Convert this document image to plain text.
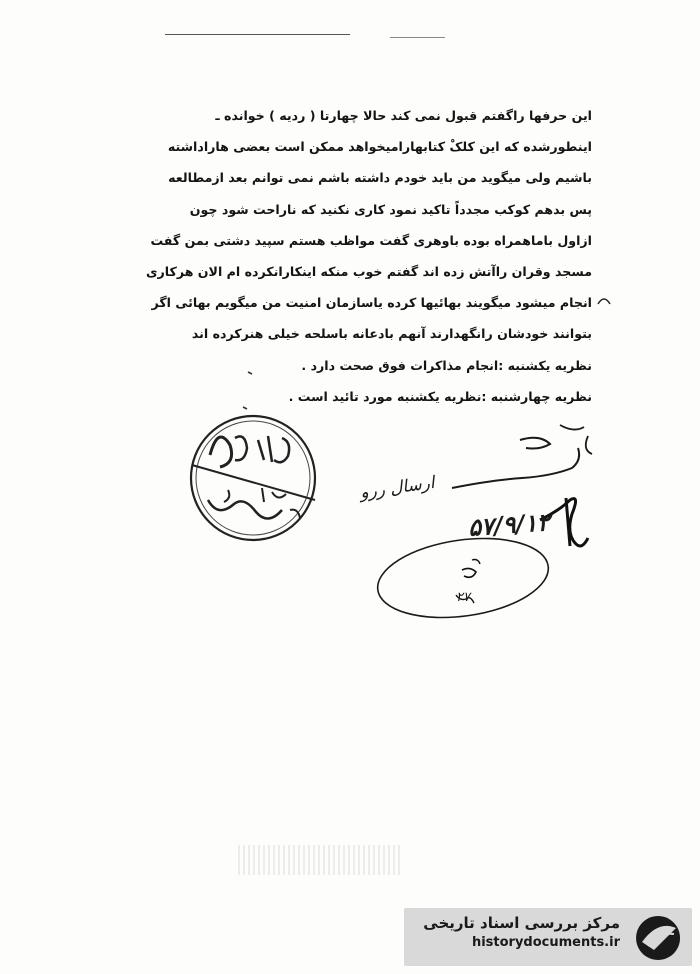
این حرفها راگفتم قبول نمی کند حالا چهارتا ( ردیه ) خوانده ـ
اینطورشده که این کلکْ کتابهارامیخواهد ممکن است بعضی هاراداشته
باشیم ولی میگوید من باید خودم داشته باشم نمی توانم بعد ازمطالعه
پس بدهم کوکب مجدداً تاکید نمود کاری نکنید که ناراحت شود چون
ازاول باماهمراه بوده باوهری گفت مواظب هستم سپید دشتی بمن گفت
مسجد وقران راآتش زده اند گفتم خوب منکه اینکارانکرده ام الان هرکاری
انجام میشود میگویند بهائیها کرده یاسازمان امنیت من میگویم بهائی اگر
بتوانند خودشان رانگهدارند آنهم بادعانه باسلحه خیلی هنرکرده اند
نظریه یکشنبه :انجام مذاکرات فوق صحت دارد .
نظریه چهارشنبه :نظریه یکشنبه مورد تائید است .
ارسال ررو
۵۷/۹/۱۲
۲۷
مرکز بررسی اسناد تاریخی
historydocuments.ir
